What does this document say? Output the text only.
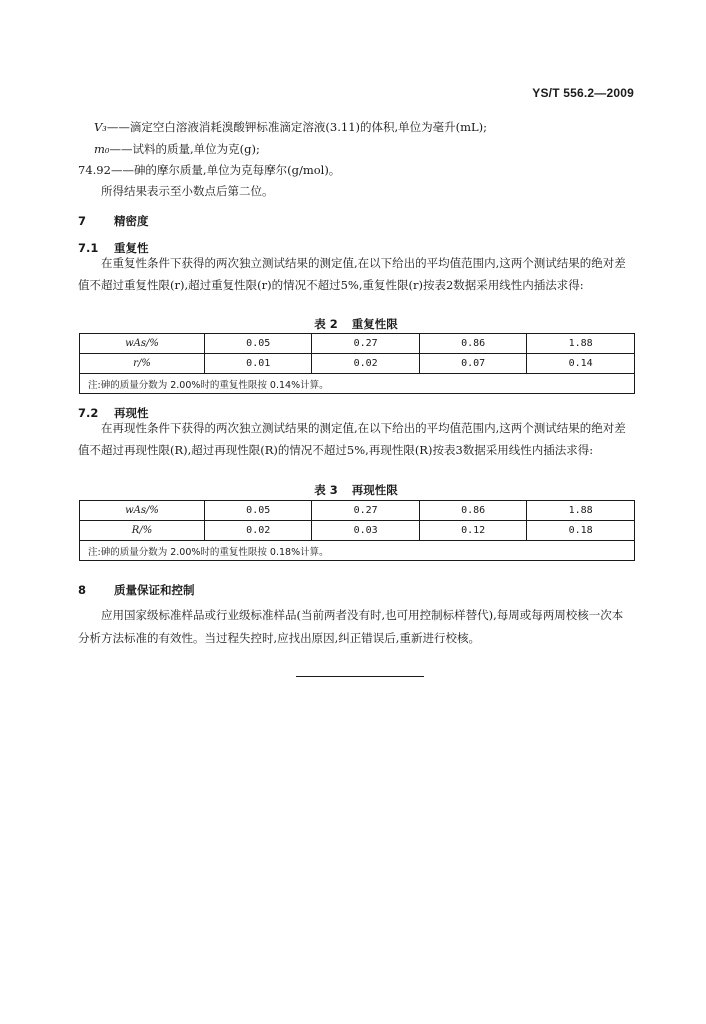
YS/T 556.2—2009
V₃——滴定空白溶液消耗溴酸钾标准滴定溶液(3.11)的体积,单位为毫升(mL);
m₀——试料的质量,单位为克(g);
74.92——砷的摩尔质量,单位为克每摩尔(g/mol)。
所得结果表示至小数点后第二位。
7 精密度
7.1 重复性
在重复性条件下获得的两次独立测试结果的测定值,在以下给出的平均值范围内,这两个测试结果的绝对差值不超过重复性限(r),超过重复性限(r)的情况不超过5%,重复性限(r)按表2数据采用线性内插法求得:
表 2 重复性限
wAs/%	0.05	0.27	0.86	1.88
r/%	0.01	0.02	0.07	0.14
注:砷的质量分数为 2.00%时的重复性限按 0.14%计算。				
7.2 再现性
在再现性条件下获得的两次独立测试结果的测定值,在以下给出的平均值范围内,这两个测试结果的绝对差值不超过再现性限(R),超过再现性限(R)的情况不超过5%,再现性限(R)按表3数据采用线性内插法求得:
表 3 再现性限
wAs/%	0.05	0.27	0.86	1.88
R/%	0.02	0.03	0.12	0.18
注:砷的质量分数为 2.00%时的重复性限按 0.18%计算。				
8 质量保证和控制
应用国家级标准样品或行业级标准样品(当前两者没有时,也可用控制标样替代),每周或每两周校核一次本分析方法标准的有效性。当过程失控时,应找出原因,纠正错误后,重新进行校核。
